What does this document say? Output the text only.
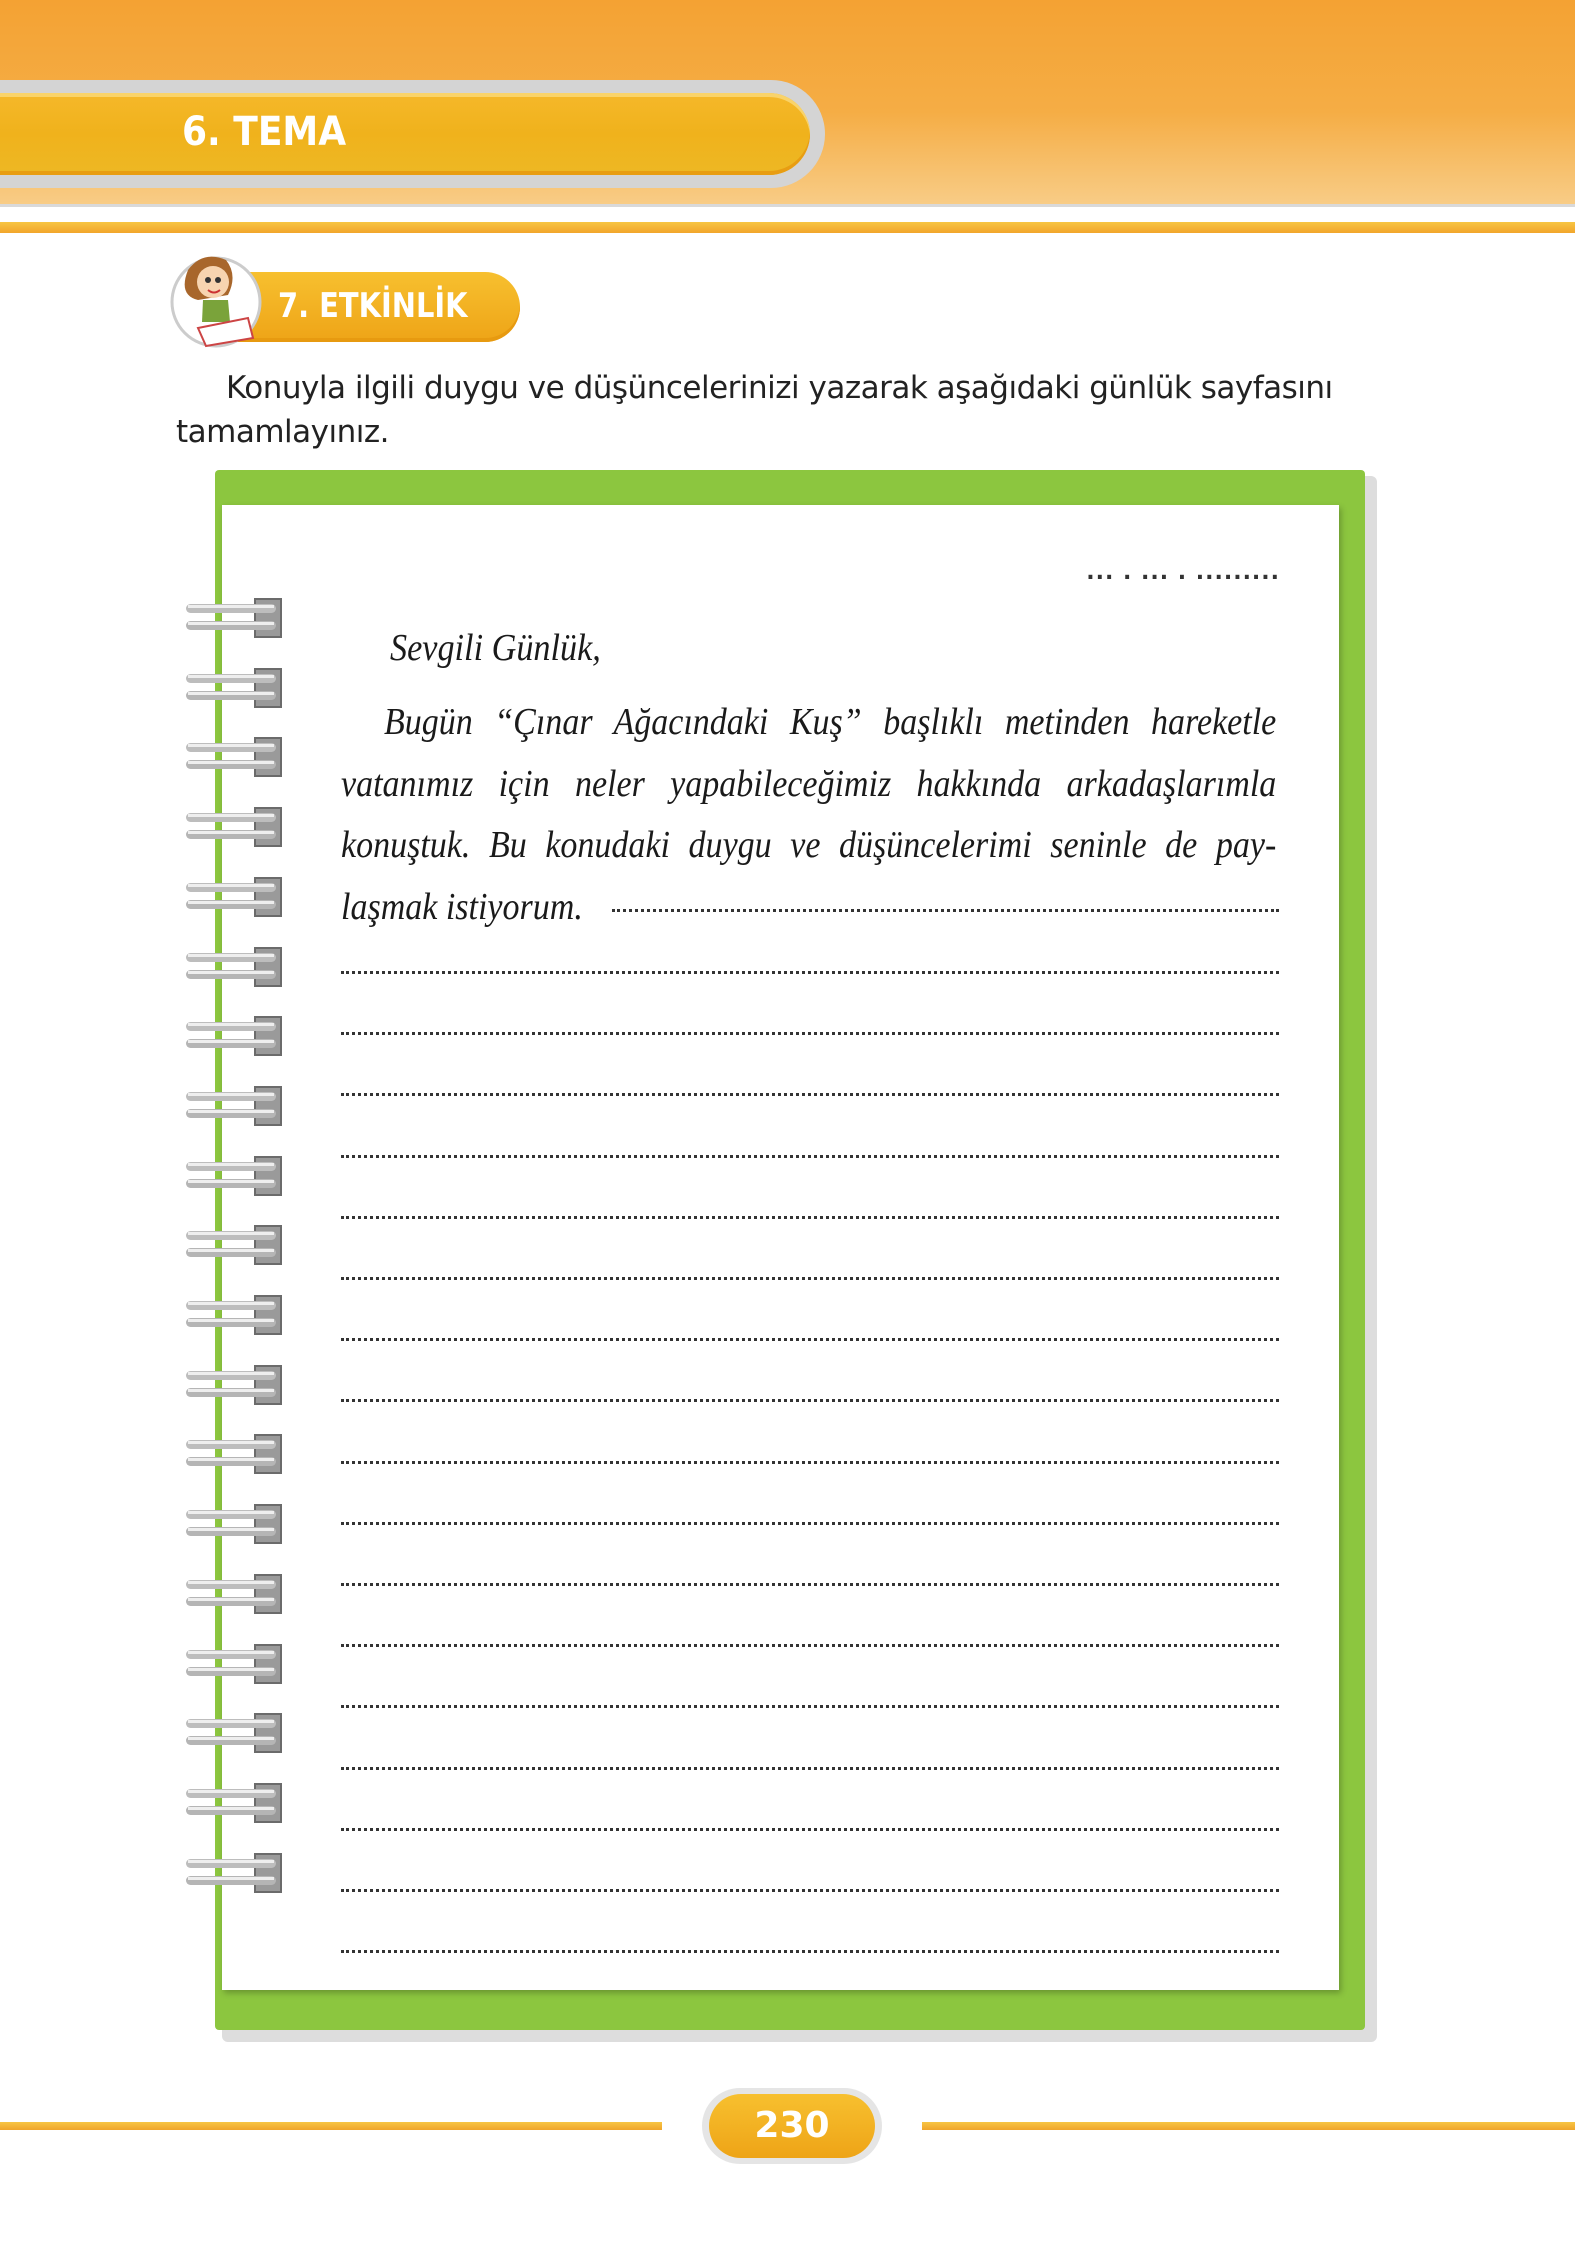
6. TEMA
7. ETKİNLİK

Konuyla ilgili duygu ve düşüncelerinizi yazarak aşağıdaki günlük sayfasını tamamlayınız.

... . ... . .........
Sevgili Günlük,
Bugün “Çınar Ağacındaki Kuş” başlıklı metinden hareketle vatanımız için neler yapabileceğimiz hakkında arkadaşlarımla konuştuk. Bu konudaki duygu ve düşüncelerimi seninle de pay- laşmak istiyorum.
230
